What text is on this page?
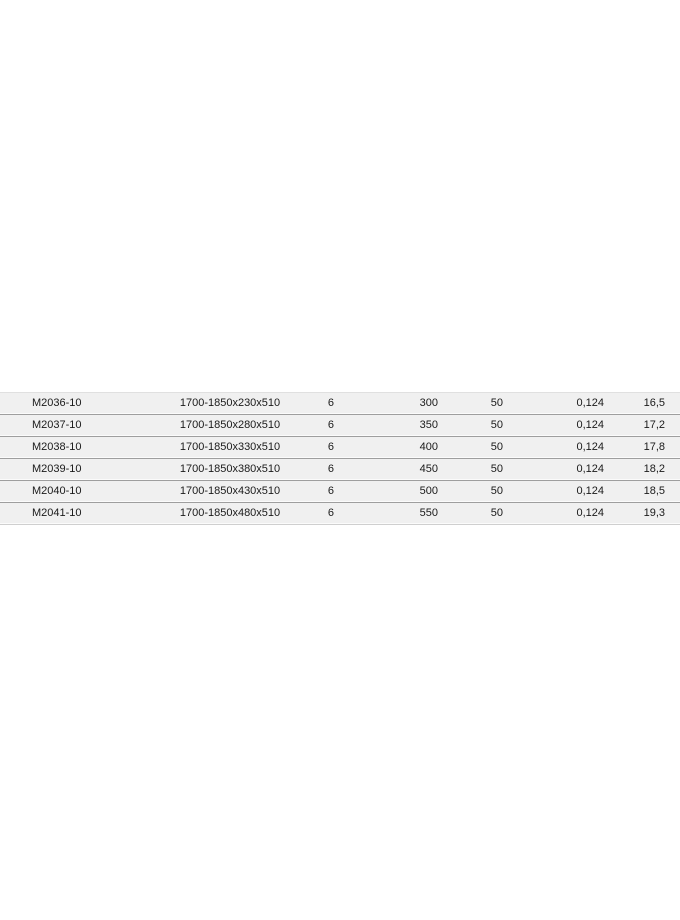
M2036-10	1700-1850x230x510	6	300	50	0,124	16,5
M2037-10	1700-1850x280x510	6	350	50	0,124	17,2
M2038-10	1700-1850x330x510	6	400	50	0,124	17,8
M2039-10	1700-1850x380x510	6	450	50	0,124	18,2
M2040-10	1700-1850x430x510	6	500	50	0,124	18,5
M2041-10	1700-1850x480x510	6	550	50	0,124	19,3
